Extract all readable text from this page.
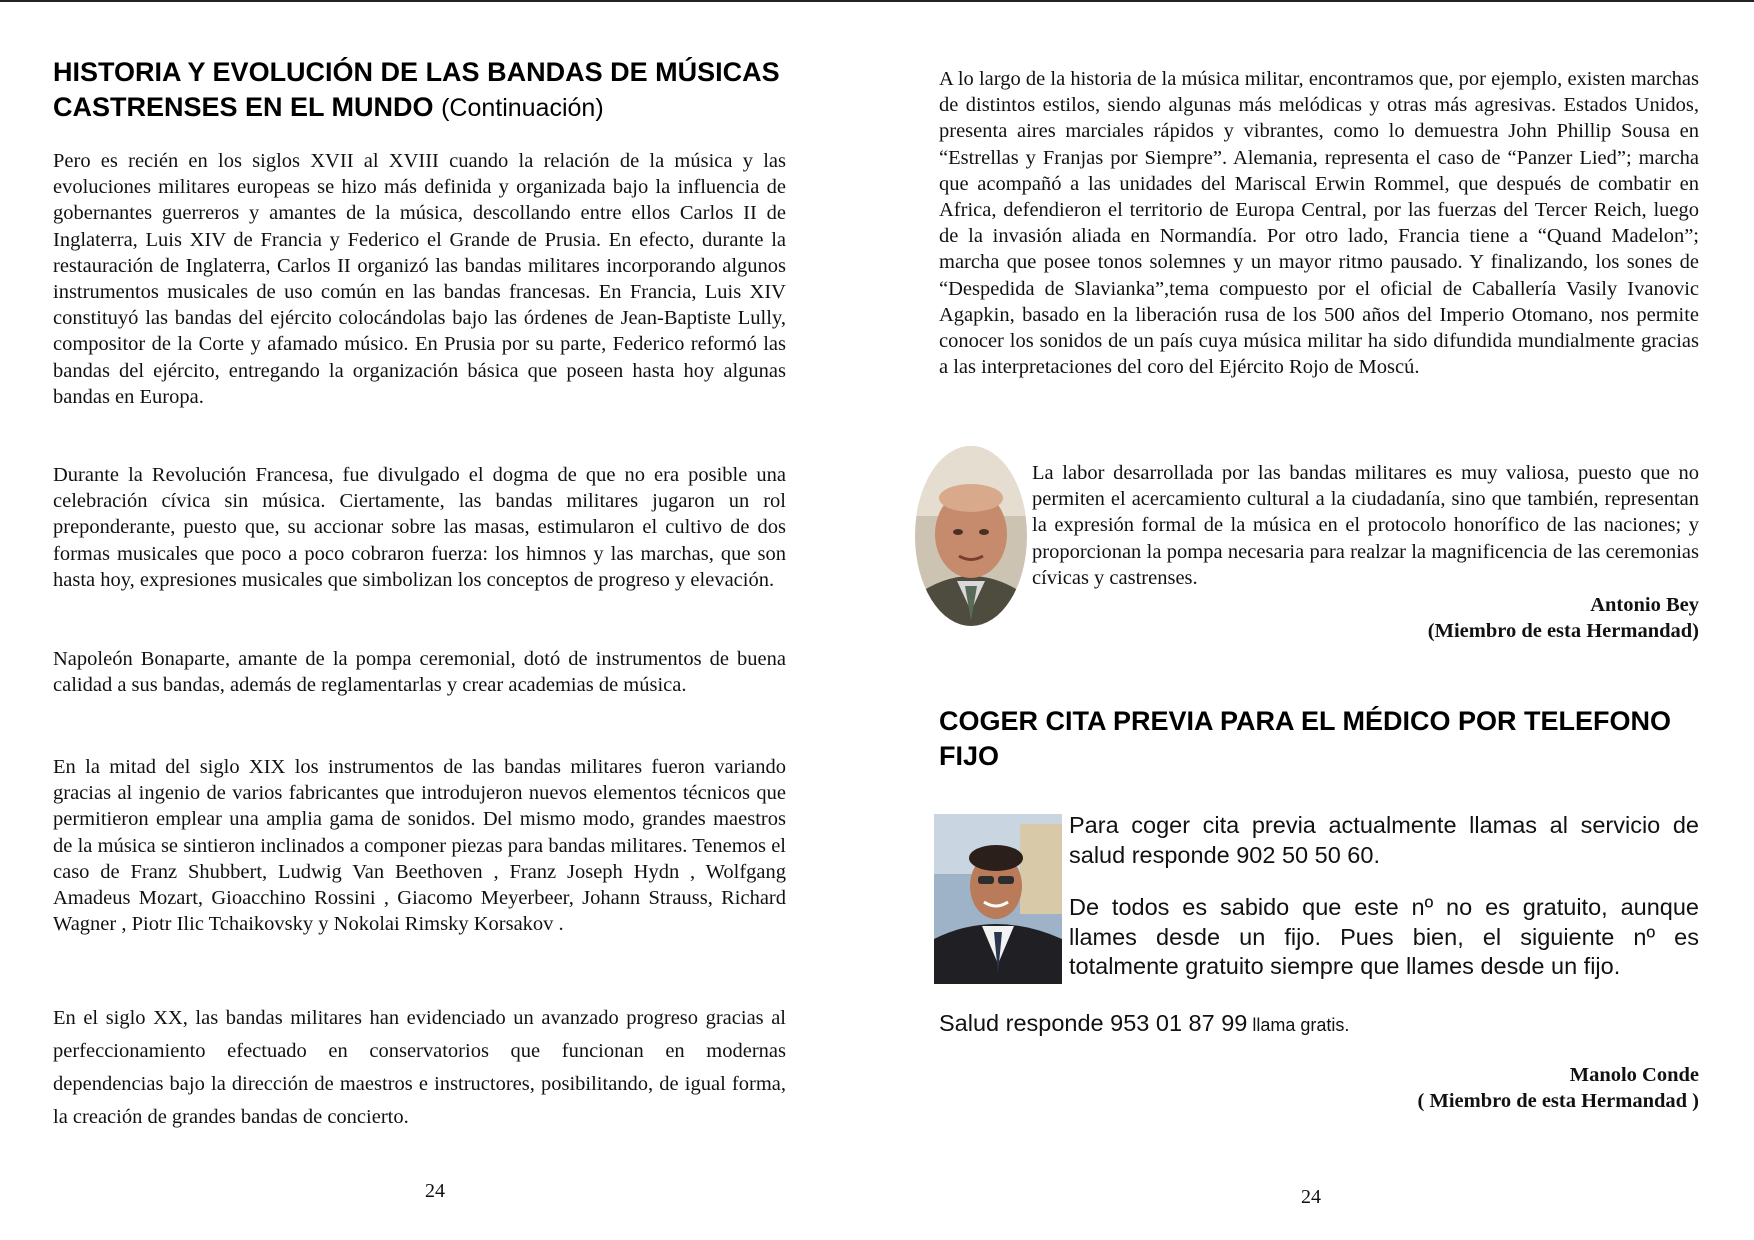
HISTORIA Y EVOLUCIÓN DE LAS BANDAS DE MÚSICAS CASTRENSES EN EL MUNDO (Continuación)

Pero es recién en los siglos XVII al XVIII cuando la relación de la música y las evoluciones militares europeas se hizo más definida y organizada bajo la influencia de gobernantes guerreros y amantes de la música, descollando entre ellos Carlos II de Inglaterra, Luis XIV de Francia y Federico el Grande de Prusia. En efecto, durante la restauración de Inglaterra, Carlos II organizó las bandas militares incorporando algunos instrumentos musicales de uso común en las bandas francesas. En Francia, Luis XIV constituyó las bandas del ejército colocándolas bajo las órdenes de Jean-Baptiste Lully, compositor de la Corte y afamado músico. En Prusia por su parte, Federico reformó las bandas del ejército, entregando la organización básica que poseen hasta hoy algunas bandas en Europa.

Durante la Revolución Francesa, fue divulgado el dogma de que no era posible una celebración cívica sin música. Ciertamente, las bandas militares jugaron un rol preponderante, puesto que, su accionar sobre las masas, estimularon el cultivo de dos formas musicales que poco a poco cobraron fuerza: los himnos y las marchas, que son hasta hoy, expresiones musicales que simbolizan los conceptos de progreso y elevación.

Napoleón Bonaparte, amante de la pompa ceremonial, dotó de instrumentos de buena calidad a sus bandas, además de reglamentarlas y crear academias de música.

En la mitad del siglo XIX los instrumentos de las bandas militares fueron variando gracias al ingenio de varios fabricantes que introdujeron nuevos elementos técnicos que permitieron emplear una amplia gama de sonidos. Del mismo modo, grandes maestros de la música se sintieron inclinados a componer piezas para bandas militares. Tenemos el caso de Franz Shubbert, Ludwig Van Beethoven , Franz Joseph Hydn , Wolfgang Amadeus Mozart, Gioacchino Rossini , Giacomo Meyerbeer, Johann Strauss, Richard Wagner , Piotr Ilic Tchaikovsky y Nokolai Rimsky Korsakov .

En el siglo XX, las bandas militares han evidenciado un avanzado progreso gracias al perfeccionamiento efectuado en conservatorios que funcionan en modernas dependencias bajo la dirección de maestros e instructores, posibilitando, de igual forma, la creación de grandes bandas de concierto.

24

A lo largo de la historia de la música militar, encontramos que, por ejemplo, existen marchas de distintos estilos, siendo algunas más melódicas y otras más agresivas. Estados Unidos, presenta aires marciales rápidos y vibrantes, como lo demuestra John Phillip Sousa en “Estrellas y Franjas por Siempre”. Alemania, representa el caso de “Panzer Lied”; marcha que acompañó a las unidades del Mariscal Erwin Rommel, que después de combatir en Africa, defendieron el territorio de Europa Central, por las fuerzas del Tercer Reich, luego de la invasión aliada en Normandía. Por otro lado, Francia tiene a “Quand Madelon”; marcha que posee tonos solemnes y un mayor ritmo pausado. Y finalizando, los sones de “Despedida de Slavianka”,tema compuesto por el oficial de Caballería Vasily Ivanovic Agapkin, basado en la liberación rusa de los 500 años del Imperio Otomano, nos permite conocer los sonidos de un país cuya música militar ha sido difundida mundialmente gracias a las interpretaciones del coro del Ejército Rojo de Moscú.

La labor desarrollada por las bandas militares es muy valiosa, puesto que no permiten el acercamiento cultural a la ciudadanía, sino que también, representan la expresión formal de la música en el protocolo honorífico de las naciones; y proporcionan la pompa necesaria para realzar la magnificencia de las ceremonias cívicas y castrenses.

Antonio Bey
(Miembro de esta Hermandad)
COGER CITA PREVIA PARA EL MÉDICO POR TELEFONO FIJO

Para coger cita previa actualmente llamas al servicio de salud responde 902 50 50 60.

De todos es sabido que este nº no es gratuito, aunque llames desde un fijo. Pues bien, el siguiente nº es totalmente gratuito siempre que llames desde un fijo.

Salud responde 953 01 87 99 llama gratis.

Manolo Conde
( Miembro de esta Hermandad )
24
